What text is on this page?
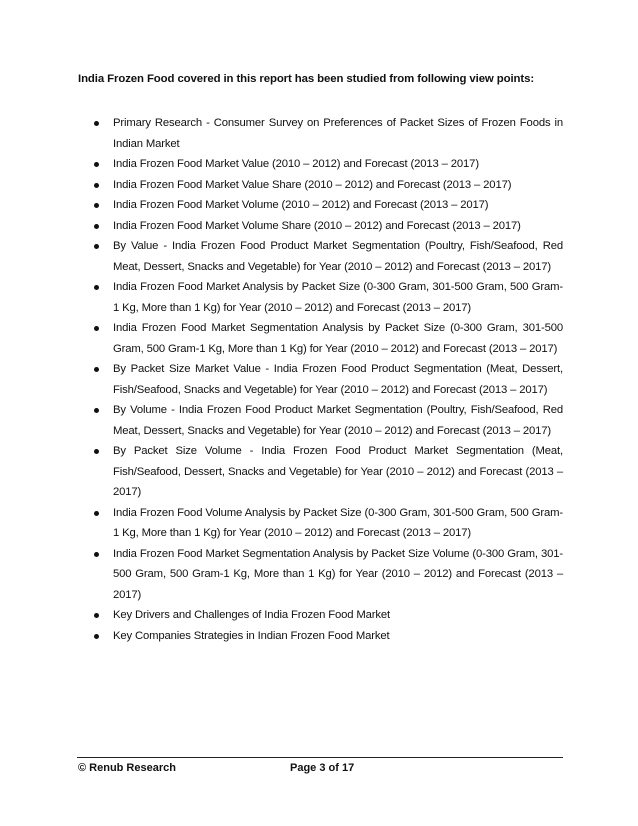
India Frozen Food covered in this report has been studied from following view points:
Primary Research - Consumer Survey on Preferences of Packet Sizes of Frozen Foods in Indian Market
India Frozen Food Market Value (2010 – 2012) and Forecast (2013 – 2017)
India Frozen Food Market Value Share (2010 – 2012) and Forecast (2013 – 2017)
India Frozen Food Market Volume (2010 – 2012) and Forecast (2013 – 2017)
India Frozen Food Market Volume Share (2010 – 2012) and Forecast (2013 – 2017)
By Value - India Frozen Food Product Market Segmentation (Poultry, Fish/Seafood, Red Meat, Dessert, Snacks and Vegetable) for Year (2010 – 2012) and Forecast (2013 – 2017)
India Frozen Food Market Analysis by Packet Size (0-300 Gram, 301-500 Gram, 500 Gram-1 Kg, More than 1 Kg) for Year (2010 – 2012) and Forecast (2013 – 2017)
India Frozen Food Market Segmentation Analysis by Packet Size (0-300 Gram, 301-500 Gram, 500 Gram-1 Kg, More than 1 Kg) for Year (2010 – 2012) and Forecast (2013 – 2017)
By Packet Size Market Value - India Frozen Food Product Segmentation (Meat, Dessert, Fish/Seafood, Snacks and Vegetable) for Year (2010 – 2012) and Forecast (2013 – 2017)
By Volume - India Frozen Food Product Market Segmentation (Poultry, Fish/Seafood, Red Meat, Dessert, Snacks and Vegetable) for Year (2010 – 2012) and Forecast (2013 – 2017)
By Packet Size Volume - India Frozen Food Product Market Segmentation (Meat, Fish/Seafood, Dessert, Snacks and Vegetable) for Year (2010 – 2012) and Forecast (2013 – 2017)
India Frozen Food Volume Analysis by Packet Size (0-300 Gram, 301-500 Gram, 500 Gram-1 Kg, More than 1 Kg) for Year (2010 – 2012) and Forecast (2013 – 2017)
India Frozen Food Market Segmentation Analysis by Packet Size Volume (0-300 Gram, 301-500 Gram, 500 Gram-1 Kg, More than 1 Kg) for Year (2010 – 2012) and Forecast (2013 – 2017)
Key Drivers and Challenges of India Frozen Food Market
Key Companies Strategies in Indian Frozen Food Market
© Renub Research	Page 3 of 17
